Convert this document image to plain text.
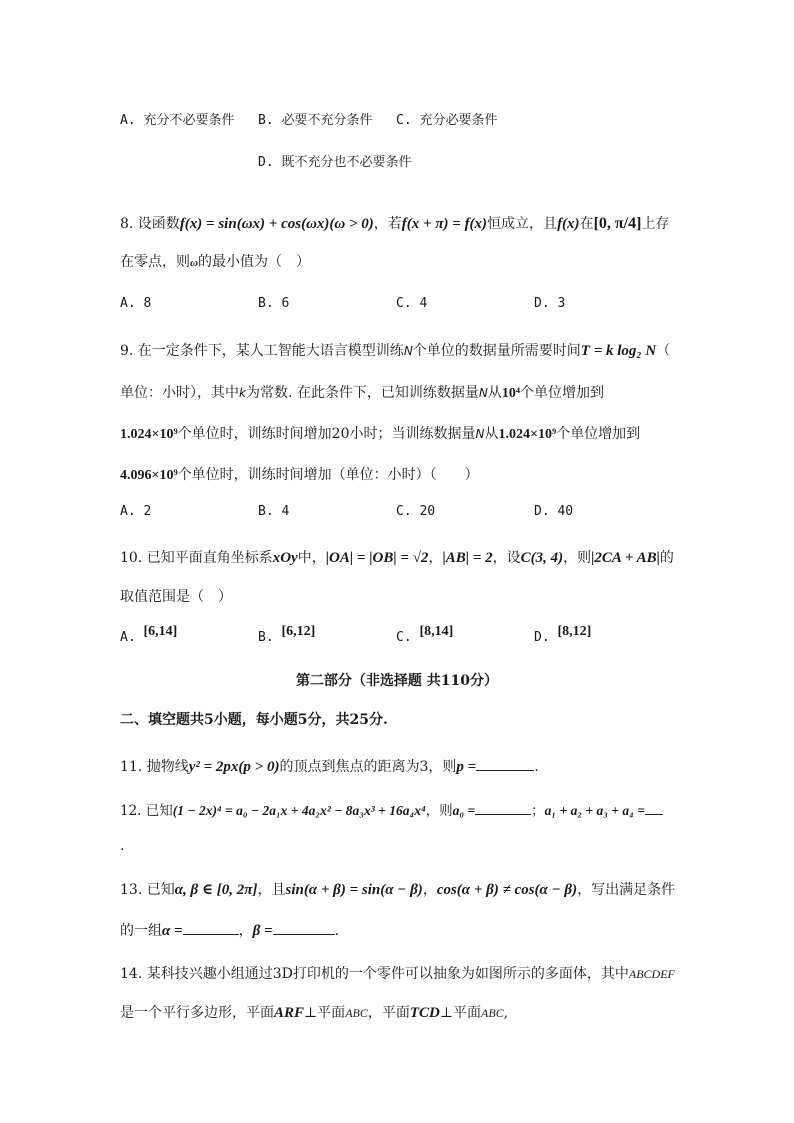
A. 充分不必要条件 B. 必要不充分条件 C. 充分必要条件
D. 既不充分也不必要条件
8. 设函数f(x) = sin(ωx) + cos(ωx)(ω > 0)，若f(x + π) = f(x)恒成立，且f(x)在[0, π/4]上存
在零点，则ω的最小值为（　）
A. 8	B. 6	C. 4	D. 3
9. 在一定条件下，某人工智能大语言模型训练N个单位的数据量所需要时间T = k log₂ N（
单位：小时），其中k为常数. 在此条件下，已知训练数据量N从10⁴个单位增加到
1.024×10⁹个单位时，训练时间增加20小时；当训练数据量N从1.024×10⁹个单位增加到
4.096×10⁹个单位时，训练时间增加（单位：小时）（　　）
A. 2	B. 4	C. 20	D. 40
10. 已知平面直角坐标系xOy中，|OA| = |OB| = √2，|AB| = 2，设C(3, 4)，则|2CA + AB|的
取值范围是（　）
A. [6,14]	B. [6,12]	C. [8,14]	D. [8,12]
第二部分（非选择题 共110分）
二、填空题共5小题，每小题5分，共25分.
11. 抛物线y² = 2px(p > 0)的顶点到焦点的距离为3，则p =	.
12. 已知(1 − 2x)⁴ = a₀ − 2a₁x + 4a₂x² − 8a₃x³ + 16a₄x⁴，则a₀ =	；a₁ + a₂ + a₃ + a₄ =
.
13. 已知α, β ∈ [0, 2π]，且sin(α + β) = sin(α − β)，cos(α + β) ≠ cos(α − β)，写出满足条件
的一组α =	，β =	.
14. 某科技兴趣小组通过3D打印机的一个零件可以抽象为如图所示的多面体，其中ABCDEF
是一个平行多边形，平面ARF⊥平面ABC，平面TCD⊥平面ABC,
